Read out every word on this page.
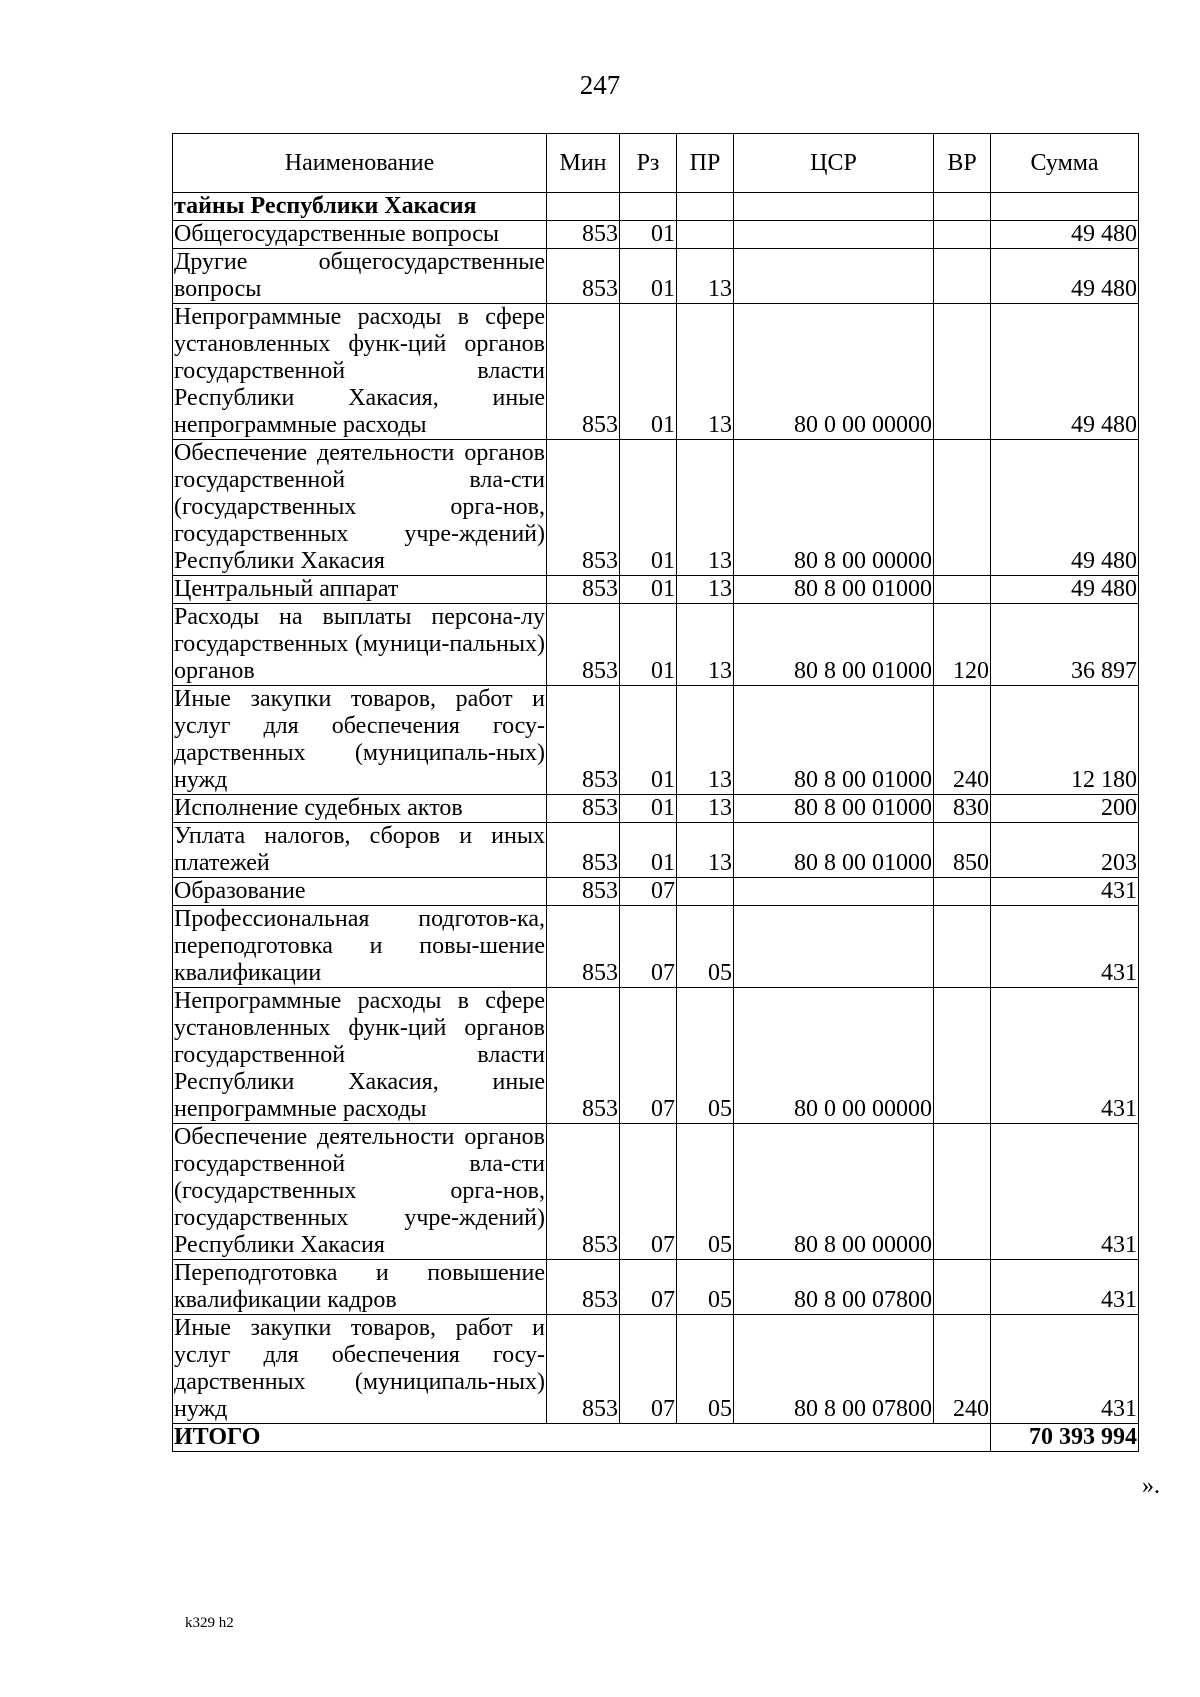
247
Наименование	Мин	Рз	ПР	ЦСР	ВР	Сумма
тайны Республики Хакасия						
Общегосударственные вопросы	853	01				49 480
Другие общегосударственные вопросы	853	01	13			49 480
Непрограммные расходы в сфере установленных функ-ций органов государственной власти Республики Хакасия, иные непрограммные расходы	853	01	13	80 0 00 00000		49 480
Обеспечение деятельности органов государственной вла-сти (государственных орга-нов, государственных учре-ждений) Республики Хакасия	853	01	13	80 8 00 00000		49 480
Центральный аппарат	853	01	13	80 8 00 01000		49 480
Расходы на выплаты персона-лу государственных (муници-пальных) органов	853	01	13	80 8 00 01000	120	36 897
Иные закупки товаров, работ и услуг для обеспечения госу-дарственных (муниципаль-ных) нужд	853	01	13	80 8 00 01000	240	12 180
Исполнение судебных актов	853	01	13	80 8 00 01000	830	200
Уплата налогов, сборов и иных платежей	853	01	13	80 8 00 01000	850	203
Образование	853	07				431
Профессиональная подготов-ка, переподготовка и повы-шение квалификации	853	07	05			431
Непрограммные расходы в сфере установленных функ-ций органов государственной власти Республики Хакасия, иные непрограммные расходы	853	07	05	80 0 00 00000		431
Обеспечение деятельности органов государственной вла-сти (государственных орга-нов, государственных учре-ждений) Республики Хакасия	853	07	05	80 8 00 00000		431
Переподготовка и повышение квалификации кадров	853	07	05	80 8 00 07800		431
Иные закупки товаров, работ и услуг для обеспечения госу-дарственных (муниципаль-ных) нужд	853	07	05	80 8 00 07800	240	431
ИТОГО						70 393 994
».
k329 h2
